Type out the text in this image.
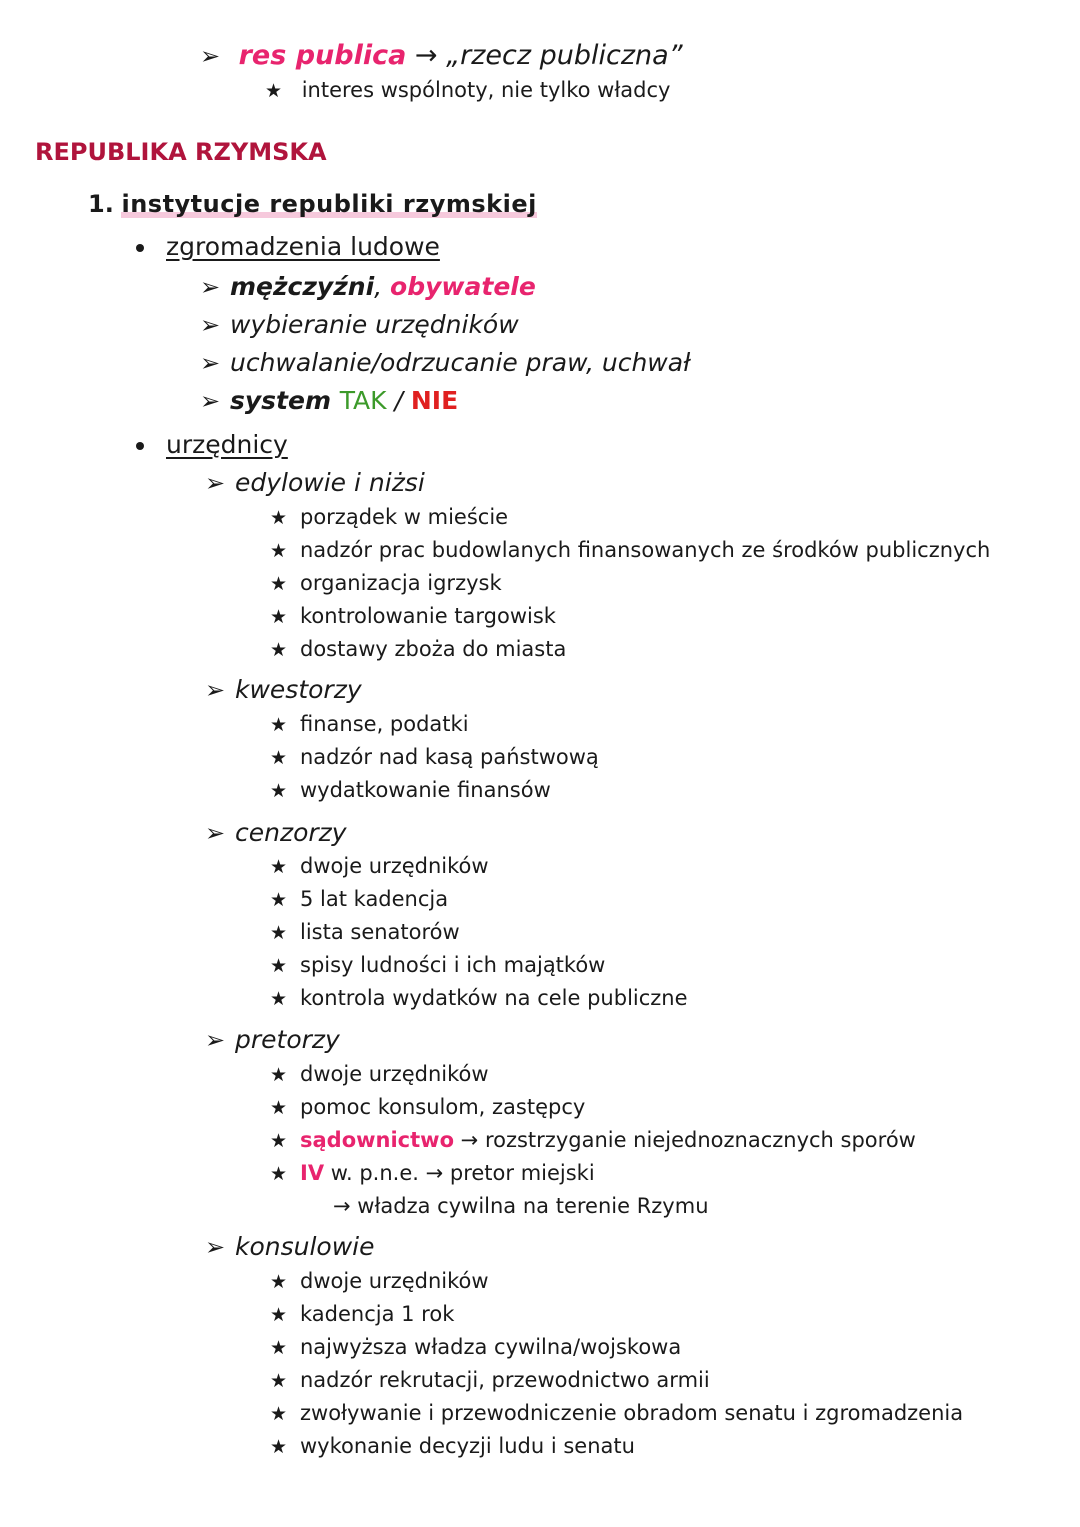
➢ res publica → „rzecz publiczna”
★ interes wspólnoty, nie tylko władcy
REPUBLIKA RZYMSKA
1. instytucje republiki rzymskiej
zgromadzenia ludowe
➢ mężczyźni, obywatele
➢ wybieranie urzędników
➢ uchwalanie/odrzucanie praw, uchwał
➢ system TAK / NIE
urzędnicy
➢ edylowie i niżsi
★ porządek w mieście
★ nadzór prac budowlanych finansowanych ze środków publicznych
★ organizacja igrzysk
★ kontrolowanie targowisk
★ dostawy zboża do miasta
➢ kwestorzy
★ finanse, podatki
★ nadzór nad kasą państwową
★ wydatkowanie finansów
➢ cenzorzy
★ dwoje urzędników
★ 5 lat kadencja
★ lista senatorów
★ spisy ludności i ich majątków
★ kontrola wydatków na cele publiczne
➢ pretorzy
★ dwoje urzędników
★ pomoc konsulom, zastępcy
★ sądownictwo → rozstrzyganie niejednoznacznych sporów
★ IV w. p.n.e. → pretor miejski
→ władza cywilna na terenie Rzymu
➢ konsulowie
★ dwoje urzędników
★ kadencja 1 rok
★ najwyższa władza cywilna/wojskowa
★ nadzór rekrutacji, przewodnictwo armii
★ zwoływanie i przewodniczenie obradom senatu i zgromadzenia
★ wykonanie decyzji ludu i senatu
